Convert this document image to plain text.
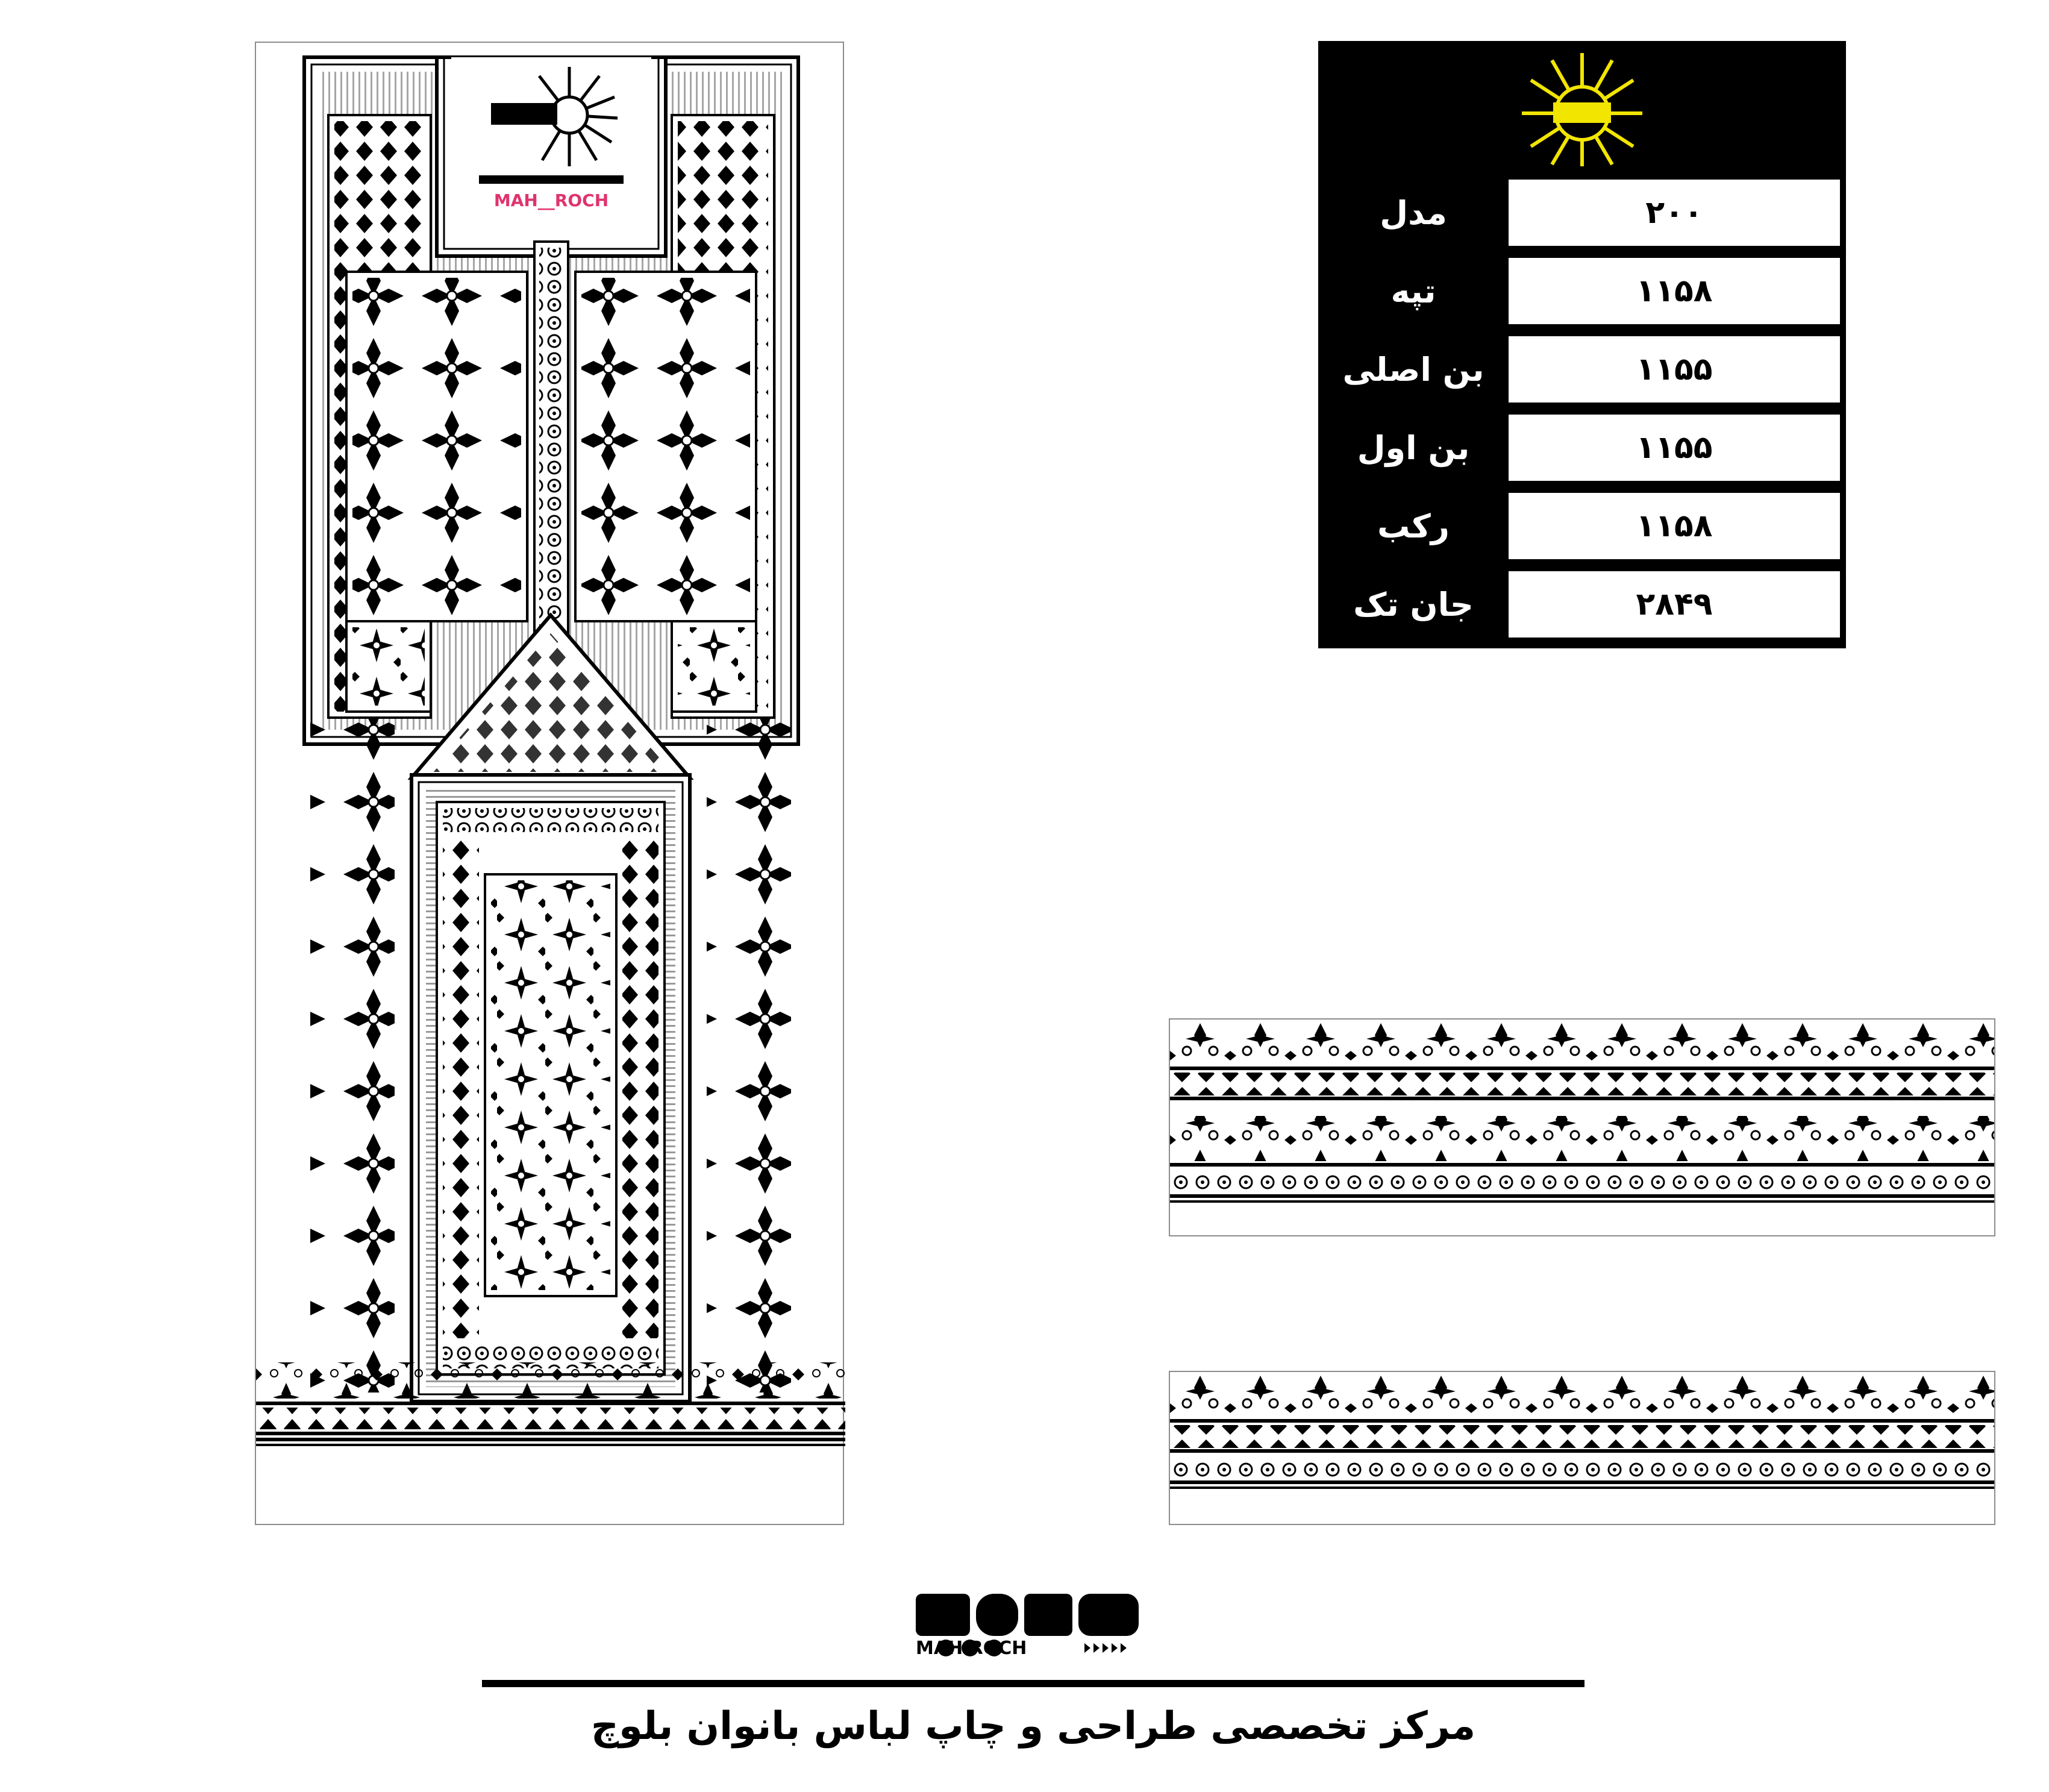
MAH__ROCH	مدل	۲۰۰
تپه	۱۱۵۸
بن اصلی	۱۱۵۵
بن اول	۱۱۵۵
رکب	۱۱۵۸
جان تک	۲۸۴۹
MAH ROCH
مرکز تخصصی طراحی و چاپ لباس بانوان بلوچ
